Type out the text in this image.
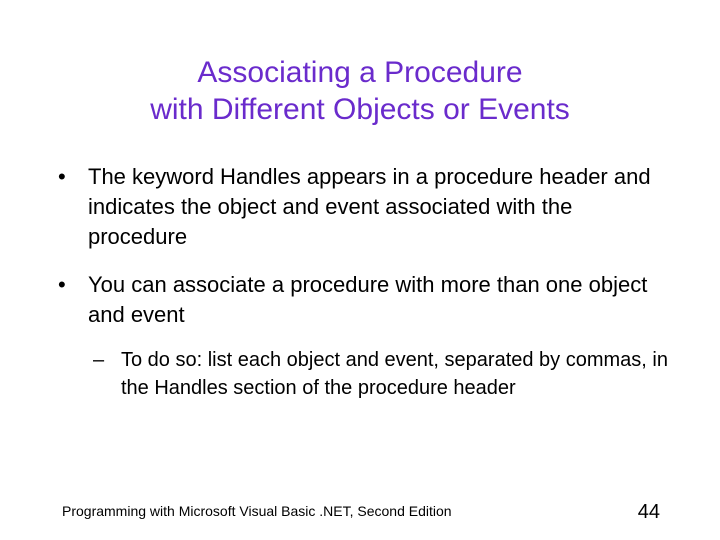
Associating a Procedure
with Different Objects or Events
•	The keyword Handles appears in a procedure header and indicates the object and event associated with the procedure
•	You can associate a procedure with more than one object and event
– To do so: list each object and event, separated by commas, in the Handles section of the procedure header
Programming with Microsoft Visual Basic .NET, Second Edition	44
